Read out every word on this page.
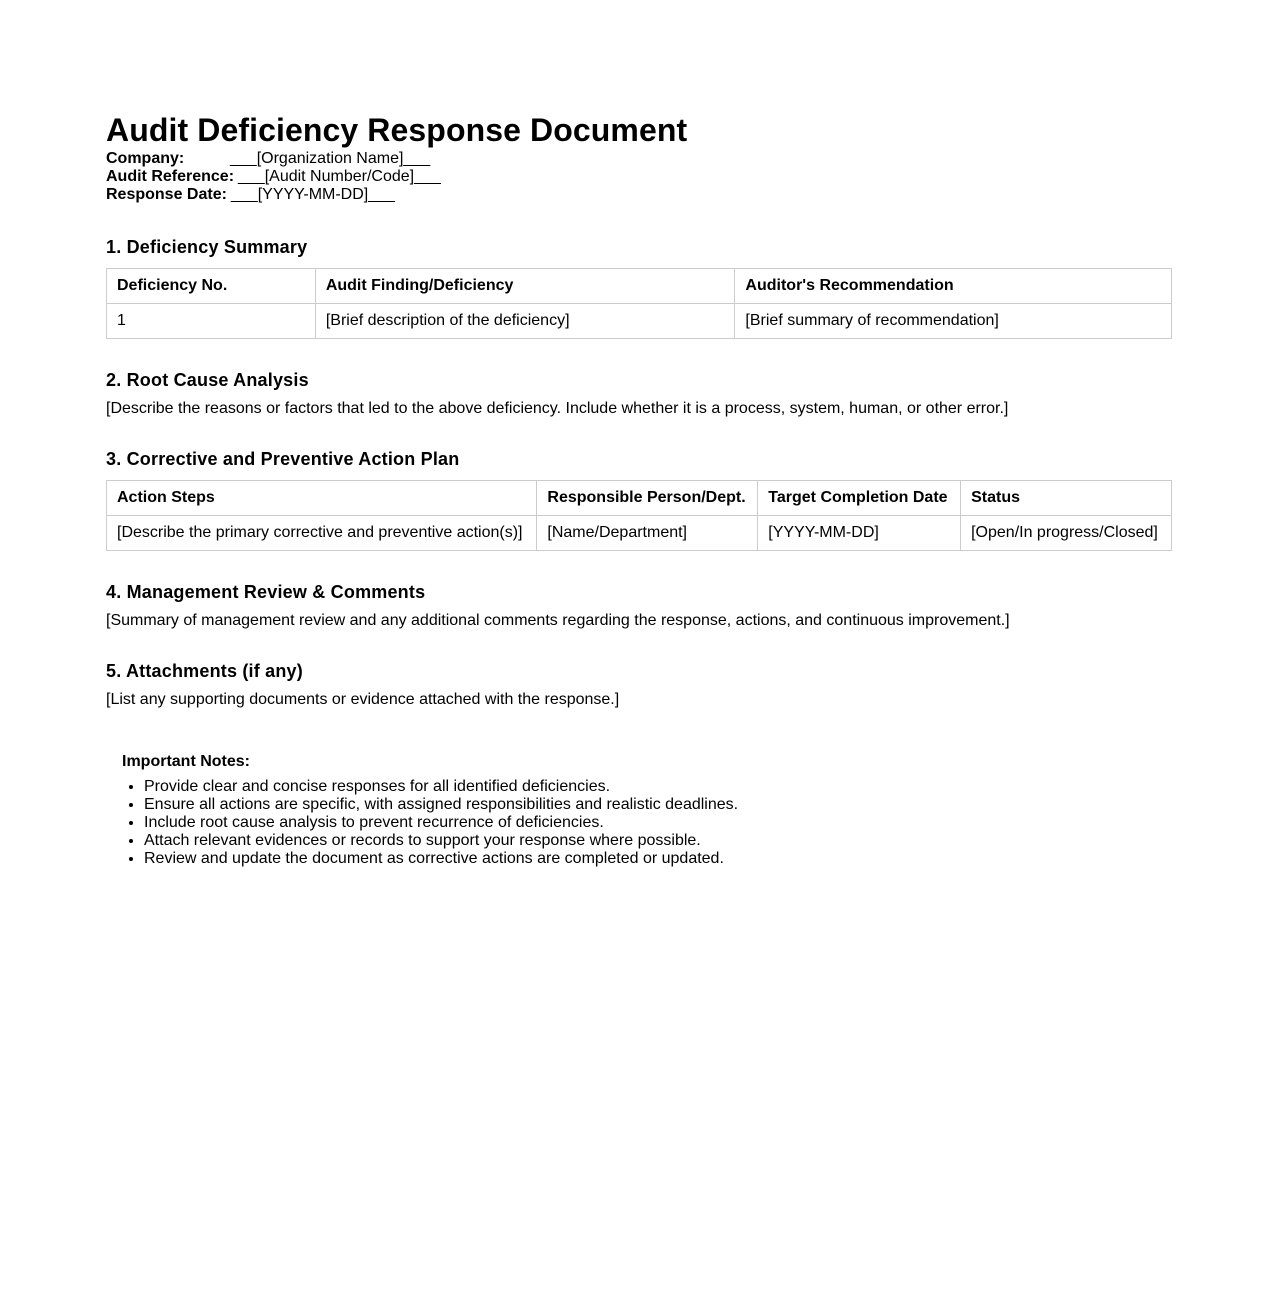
Audit Deficiency Response Document
Company:	___[Organization Name]___
Audit Reference: ___[Audit Number/Code]___
Response Date: ___[YYYY-MM-DD]___
1. Deficiency Summary
Deficiency No.	Audit Finding/Deficiency	Auditor's Recommendation
1	[Brief description of the deficiency]	[Brief summary of recommendation]
2. Root Cause Analysis

[Describe the reasons or factors that led to the above deficiency. Include whether it is a process, system, human, or other error.]

3. Corrective and Preventive Action Plan
Action Steps	Responsible Person/Dept.	Target Completion Date	Status
[Describe the primary corrective and preventive action(s)]	[Name/Department]	[YYYY-MM-DD]	[Open/In progress/Closed]
4. Management Review & Comments

[Summary of management review and any additional comments regarding the response, actions, and continuous improvement.]

5. Attachments (if any)

[List any supporting documents or evidence attached with the response.]

Important Notes:
• Provide clear and concise responses for all identified deficiencies.
• Ensure all actions are specific, with assigned responsibilities and realistic deadlines.
• Include root cause analysis to prevent recurrence of deficiencies.
• Attach relevant evidences or records to support your response where possible.
• Review and update the document as corrective actions are completed or updated.
